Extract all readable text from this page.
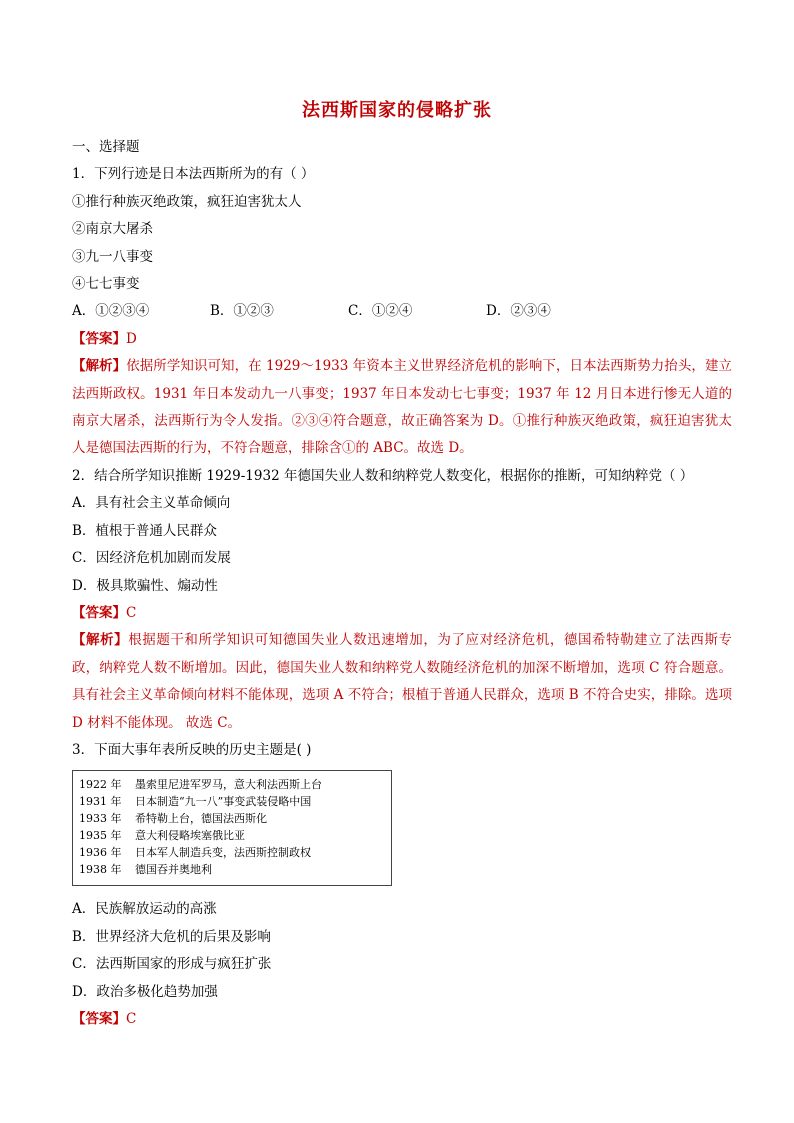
法西斯国家的侵略扩张
一、选择题
1．下列行迹是日本法西斯所为的有（ ）
①推行种族灭绝政策，疯狂迫害犹太人
②南京大屠杀
③九一八事变
④七七事变
A．①②③④	B．①②③	C．①②④	D．②③④
【答案】D
【解析】依据所学知识可知，在 1929～1933 年资本主义世界经济危机的影响下，日本法西斯势力抬头，建立法西斯政权。1931 年日本发动九一八事变；1937 年日本发动七七事变；1937 年 12 月日本进行惨无人道的南京大屠杀，法西斯行为令人发指。②③④符合题意，故正确答案为 D。①推行种族灭绝政策，疯狂迫害犹太人是德国法西斯的行为，不符合题意，排除含①的 ABC。故选 D。
2．结合所学知识推断 1929-1932 年德国失业人数和纳粹党人数变化，根据你的推断，可知纳粹党（ ）
A．具有社会主义革命倾向
B．植根于普通人民群众
C．因经济危机加剧而发展
D．极具欺骗性、煽动性
【答案】C
【解析】根据题干和所学知识可知德国失业人数迅速增加，为了应对经济危机，德国希特勒建立了法西斯专政，纳粹党人数不断增加。因此，德国失业人数和纳粹党人数随经济危机的加深不断增加，选项 C 符合题意。 具有社会主义革命倾向材料不能体现，选项 A 不符合；根植于普通人民群众，选项 B 不符合史实，排除。选项 D 材料不能体现。 故选 C。
3．下面大事年表所反映的历史主题是( )
1922 年 墨索里尼进军罗马，意大利法西斯上台
1931 年 日本制造“九一八”事变武装侵略中国
1933 年 希特勒上台，德国法西斯化
1935 年 意大利侵略埃塞俄比亚
1936 年 日本军人制造兵变，法西斯控制政权
1938 年 德国吞并奥地利
A．民族解放运动的高涨
B．世界经济大危机的后果及影响
C．法西斯国家的形成与疯狂扩张
D．政治多极化趋势加强
【答案】C
